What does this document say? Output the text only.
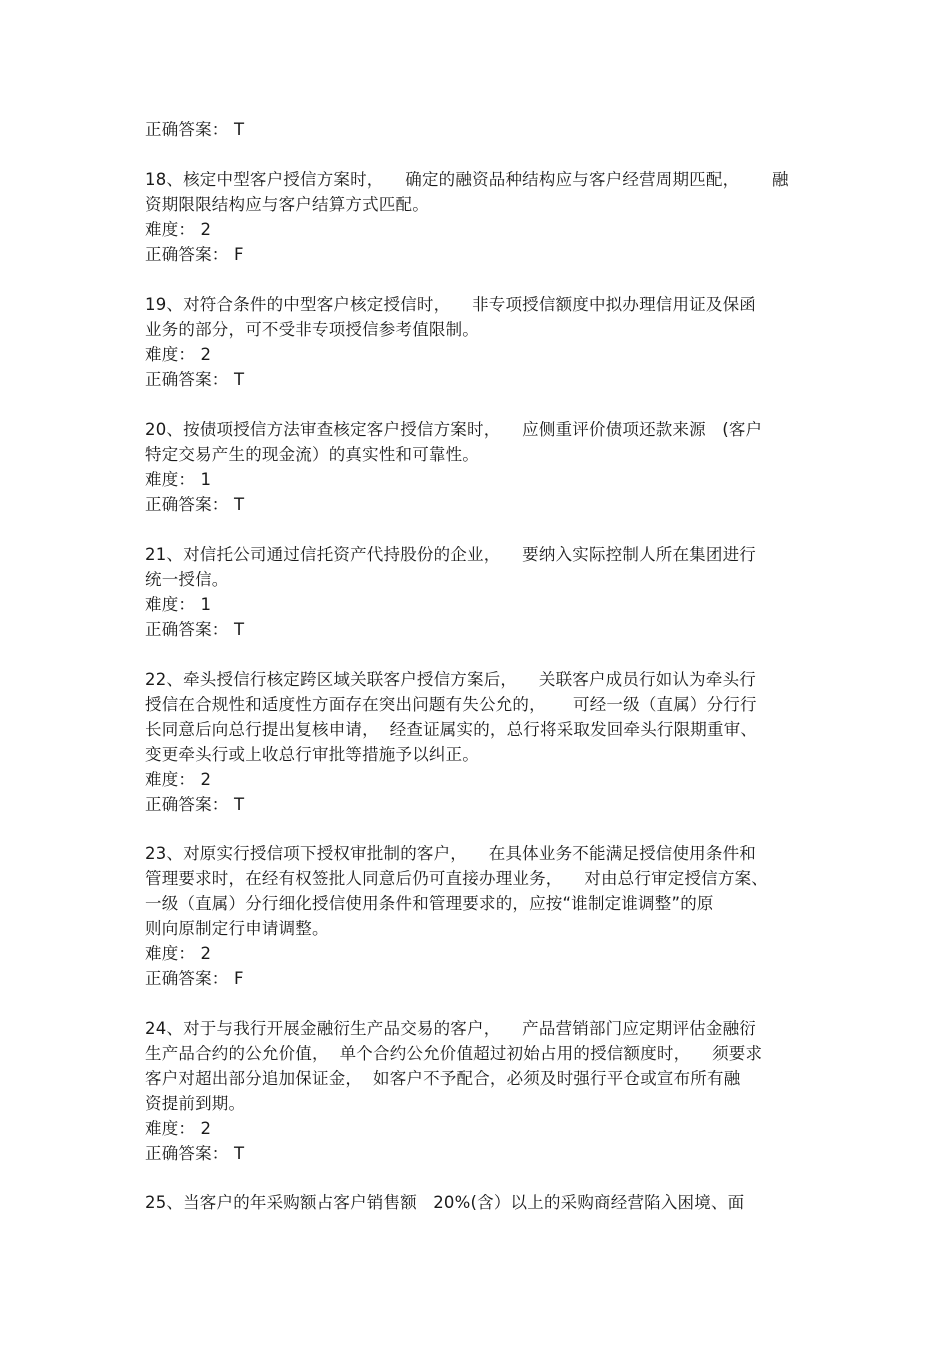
正确答案： T
18、核定中型客户授信方案时，    确定的融资品种结构应与客户经营周期匹配，      融
资期限限结构应与客户结算方式匹配。
难度： 2
正确答案： F
19、对符合条件的中型客户核定授信时，    非专项授信额度中拟办理信用证及保函
业务的部分，可不受非专项授信参考值限制。
难度： 2
正确答案： T
20、按债项授信方法审查核定客户授信方案时，    应侧重评价债项还款来源   (客户
特定交易产生的现金流）的真实性和可靠性。
难度： 1
正确答案： T
21、对信托公司通过信托资产代持股份的企业，    要纳入实际控制人所在集团进行
统一授信。
难度： 1
正确答案： T
22、牵头授信行核定跨区域关联客户授信方案后，    关联客户成员行如认为牵头行
授信在合规性和适度性方面存在突出问题有失公允的，     可经一级（直属）分行行
长同意后向总行提出复核申请，  经查证属实的，总行将采取发回牵头行限期重审、
变更牵头行或上收总行审批等措施予以纠正。
难度： 2
正确答案： T
23、对原实行授信项下授权审批制的客户，    在具体业务不能满足授信使用条件和
管理要求时，在经有权签批人同意后仍可直接办理业务，    对由总行审定授信方案、
一级（直属）分行细化授信使用条件和管理要求的，应按“谁制定谁调整”的原
则向原制定行申请调整。
难度： 2
正确答案： F
24、对于与我行开展金融衍生产品交易的客户，    产品营销部门应定期评估金融衍
生产品合约的公允价值，  单个合约公允价值超过初始占用的授信额度时，    须要求
客户对超出部分追加保证金，  如客户不予配合，必须及时强行平仓或宣布所有融
资提前到期。
难度： 2
正确答案： T
25、当客户的年采购额占客户销售额   20%(含）以上的采购商经营陷入困境、面
